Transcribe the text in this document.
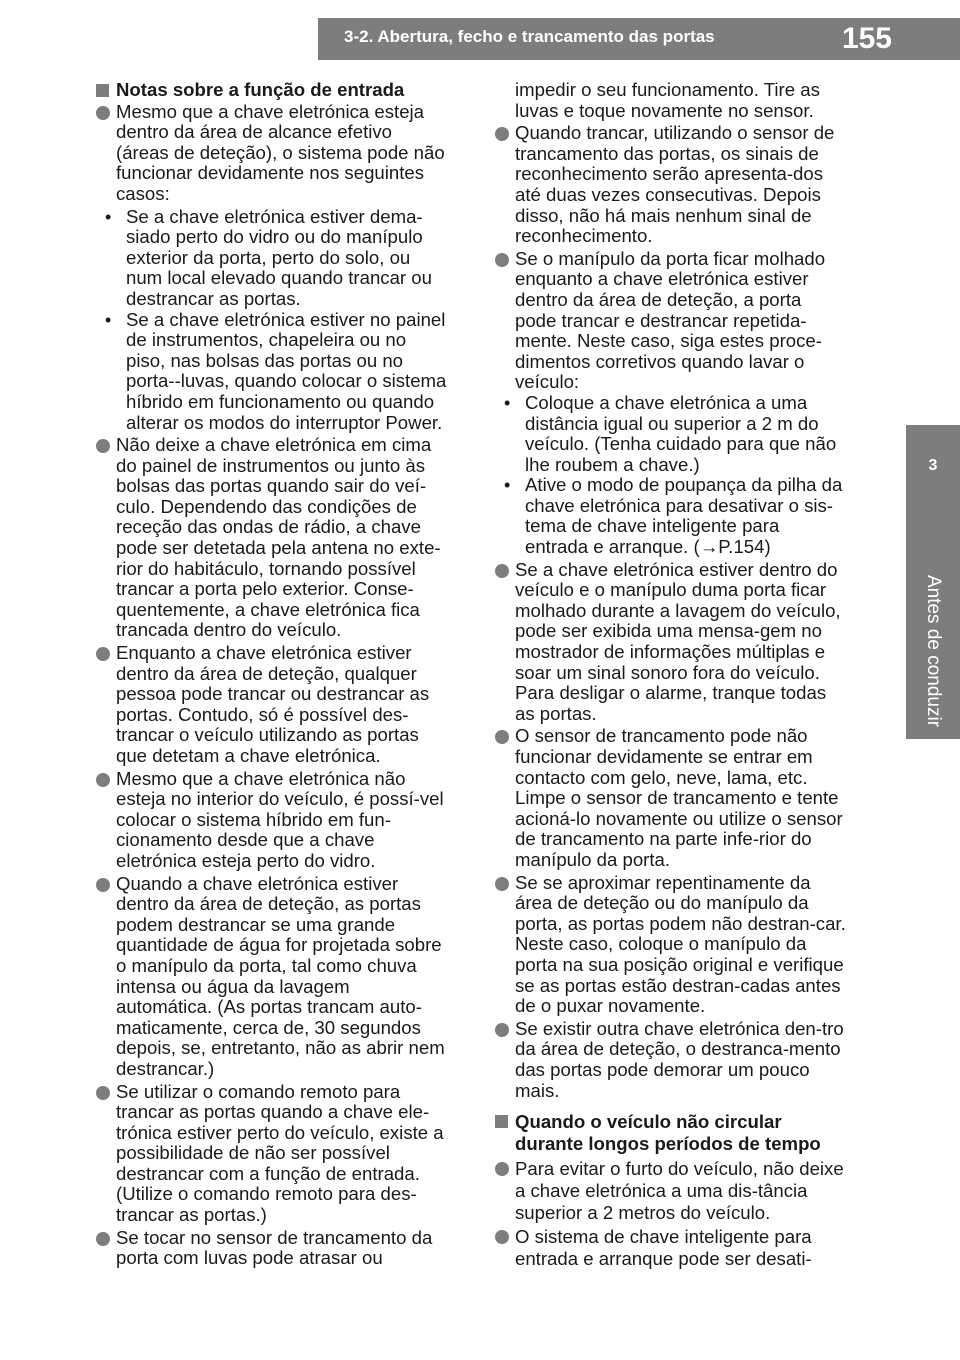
3-2. Abertura, fecho e trancamento das portas	155
3
Antes de conduzir
Notas sobre a função de entrada
Mesmo que a chave eletrónica esteja dentro da área de alcance efetivo (áreas de deteção), o sistema pode não funcionar devidamente nos seguintes casos:
• Se a chave eletrónica estiver dema-siado perto do vidro ou do manípulo exterior da porta, perto do solo, ou num local elevado quando trancar ou destrancar as portas.
• Se a chave eletrónica estiver no painel de instrumentos, chapeleira ou no piso, nas bolsas das portas ou no porta--luvas, quando colocar o sistema híbrido em funcionamento ou quando alterar os modos do interruptor Power.
Não deixe a chave eletrónica em cima do painel de instrumentos ou junto às bolsas das portas quando sair do veí-culo. Dependendo das condições de receção das ondas de rádio, a chave pode ser detetada pela antena no exte-rior do habitáculo, tornando possível trancar a porta pelo exterior. Conse-quentemente, a chave eletrónica fica trancada dentro do veículo.
Enquanto a chave eletrónica estiver dentro da área de deteção, qualquer pessoa pode trancar ou destrancar as portas. Contudo, só é possível des-trancar o veículo utilizando as portas que detetam a chave eletrónica.
Mesmo que a chave eletrónica não esteja no interior do veículo, é possí-vel colocar o sistema híbrido em fun-cionamento desde que a chave eletrónica esteja perto do vidro.
Quando a chave eletrónica estiver dentro da área de deteção, as portas podem destrancar se uma grande quantidade de água for projetada sobre o manípulo da porta, tal como chuva intensa ou água da lavagem automática. (As portas trancam auto-maticamente, cerca de, 30 segundos depois, se, entretanto, não as abrir nem destrancar.)
Se utilizar o comando remoto para trancar as portas quando a chave ele-trónica estiver perto do veículo, existe a possibilidade de não ser possível destrancar com a função de entrada. (Utilize o comando remoto para des-trancar as portas.)
Se tocar no sensor de trancamento da porta com luvas pode atrasar ou
impedir o seu funcionamento. Tire as luvas e toque novamente no sensor.
Quando trancar, utilizando o sensor de trancamento das portas, os sinais de reconhecimento serão apresenta-dos até duas vezes consecutivas. Depois disso, não há mais nenhum sinal de reconhecimento.
Se o manípulo da porta ficar molhado enquanto a chave eletrónica estiver dentro da área de deteção, a porta pode trancar e destrancar repetida-mente. Neste caso, siga estes proce-dimentos corretivos quando lavar o veículo:
• Coloque a chave eletrónica a uma distância igual ou superior a 2 m do veículo. (Tenha cuidado para que não lhe roubem a chave.)
• Ative o modo de poupança da pilha da chave eletrónica para desativar o sis-tema de chave inteligente para entrada e arranque. (→P.154)
Se a chave eletrónica estiver dentro do veículo e o manípulo duma porta ficar molhado durante a lavagem do veículo, pode ser exibida uma mensa-gem no mostrador de informações múltiplas e soar um sinal sonoro fora do veículo. Para desligar o alarme, tranque todas as portas.
O sensor de trancamento pode não funcionar devidamente se entrar em contacto com gelo, neve, lama, etc. Limpe o sensor de trancamento e tente acioná-lo novamente ou utilize o sensor de trancamento na parte infe-rior do manípulo da porta.
Se se aproximar repentinamente da área de deteção ou do manípulo da porta, as portas podem não destran-car. Neste caso, coloque o manípulo da porta na sua posição original e verifique se as portas estão destran-cadas antes de o puxar novamente.
Se existir outra chave eletrónica den-tro da área de deteção, o destranca-mento das portas pode demorar um pouco mais.
Quando o veículo não circular durante longos períodos de tempo
Para evitar o furto do veículo, não deixe a chave eletrónica a uma dis-tância superior a 2 metros do veículo.
O sistema de chave inteligente para entrada e arranque pode ser desati-
